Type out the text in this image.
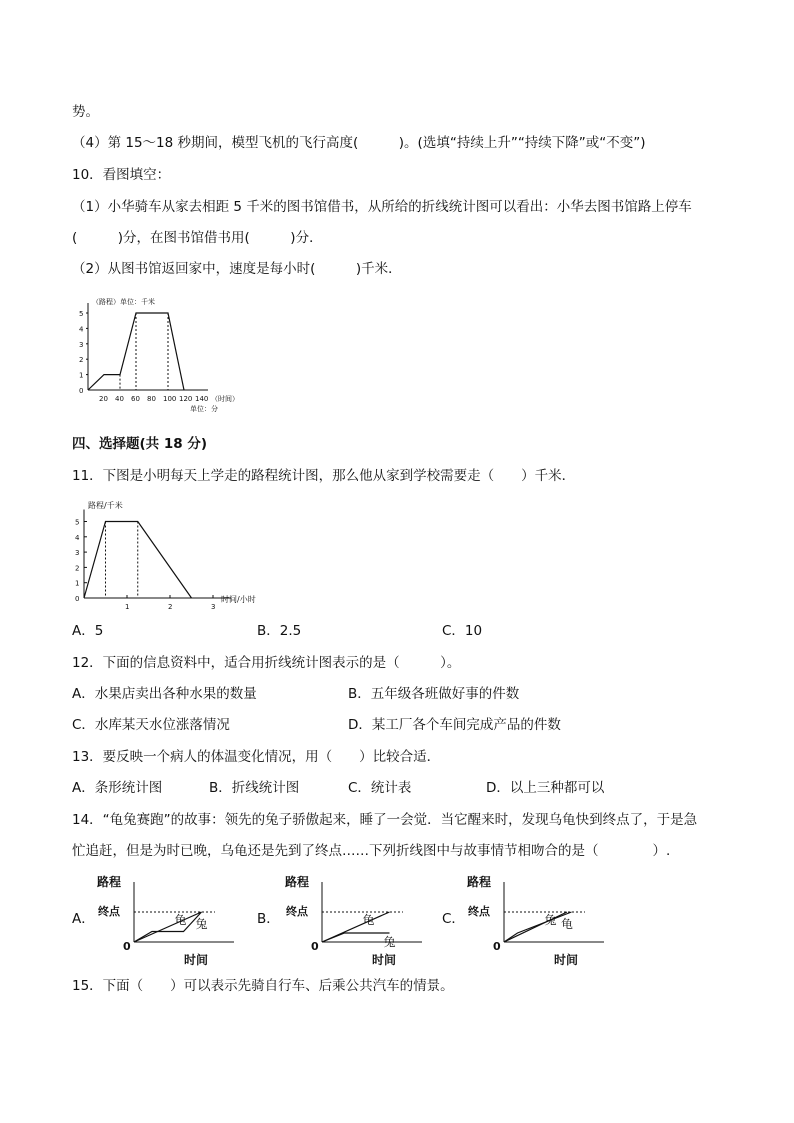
势。
（4）第 15～18 秒期间，模型飞机的飞行高度(　　　)。(选填“持续上升”“持续下降”或“不变”)
10．看图填空：
（1）小华骑车从家去相距 5 千米的图书馆借书，从所给的折线统计图可以看出：小华去图书馆路上停车
(　　　)分，在图书馆借书用(　　　)分．
（2）从图书馆返回家中，速度是每小时(　　　)千米．
（路程）单位：千米
0
1
2
3
4
5
20 40 60 80 100 120 140 （时间）
单位：分
四、选择题(共 18 分)
11．下图是小明每天上学走的路程统计图，那么他从家到学校需要走（　　）千米．
路程/千米
时间/小时
0
1
2
3
4
5
1	2	3
A．5	B．2.5	C．10
12．下面的信息资料中，适合用折线统计图表示的是（　　　）。
A．水果店卖出各种水果的数量	B．五年级各班做好事的件数
C．水库某天水位涨落情况	D．某工厂各个车间完成产品的件数
13．要反映一个病人的体温变化情况，用（　　）比较合适．
A．条形统计图	B．折线统计图	C．统计表	D．以上三种都可以
14．“龟兔赛跑”的故事：领先的兔子骄傲起来，睡了一会觉．当它醒来时，发现乌龟快到终点了，于是急
忙追赶，但是为时已晚，乌龟还是先到了终点……下列折线图中与故事情节相吻合的是（　　　　）.
A．
路程
终点
0
时间
龟 兔	B．
路程
终点
0
时间
龟
兔
C．
路程
终点
0
时间
兔 龟
15．下面（　　）可以表示先骑自行车、后乘公共汽车的情景。
